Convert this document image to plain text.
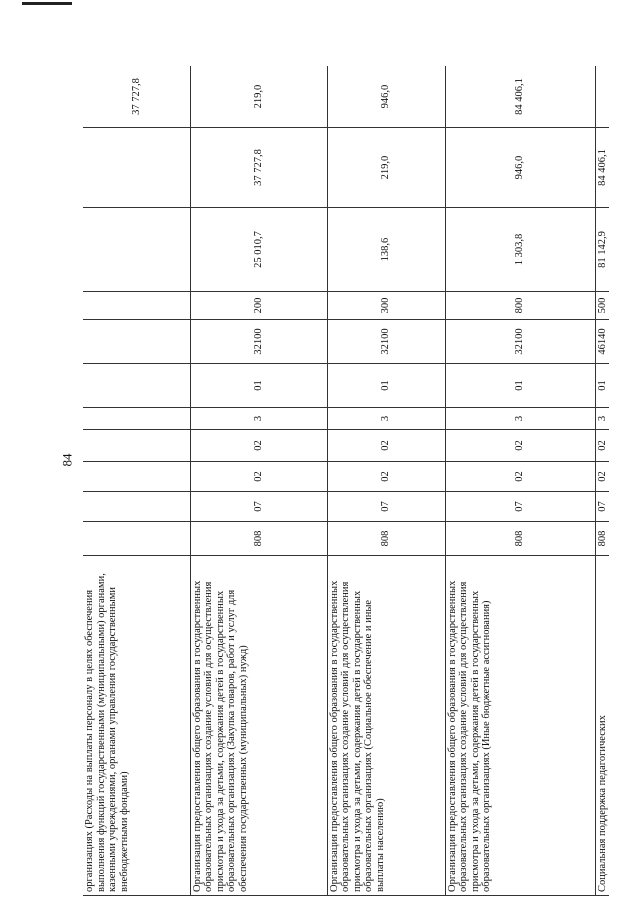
84
организациях (Расходы на выплаты персоналу в целях обеспечения выполнения функций государственными (муниципальными) органами, казенными учреждениями, органами управления государственными внебюджетными фондами)											37 727,8
Организация предоставления общего образования в государственных образовательных организациях создание условий для осуществления присмотра и ухода за детьми, содержания детей в государственных образовательных организациях (Закупка товаров, работ и услуг для обеспечения государственных (муниципальных) нужд)	808	07	02	02	3	01	32100	200	25 010,7	37 727,8	219,0
Организация предоставления общего образования в государственных образовательных организациях создание условий для осуществления присмотра и ухода за детьми, содержания детей в государственных образовательных организациях (Социальное обеспечение и иные выплаты населению)	808	07	02	02	3	01	32100	300	138,6	219,0	946,0
Организация предоставления общего образования в государственных образовательных организациях создание условий для осуществления присмотра и ухода за детьми, содержания детей в государственных образовательных организациях (Иные бюджетные ассигнования)	808	07	02	02	3	01	32100	800	1 303,8	946,0	84 406,1
Социальная поддержка педагогических	808	07	02	02	3	01	46140	500	81 142,9	84 406,1	
